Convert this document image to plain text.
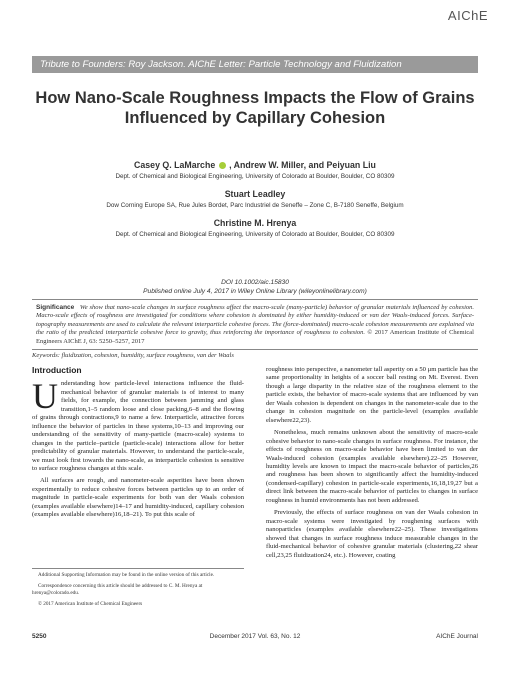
AIChE
Tribute to Founders: Roy Jackson. AIChE Letter: Particle Technology and Fluidization
How Nano-Scale Roughness Impacts the Flow of Grains Influenced by Capillary Cohesion
Casey Q. LaMarche , Andrew W. Miller, and Peiyuan Liu
Dept. of Chemical and Biological Engineering, University of Colorado at Boulder, Boulder, CO 80309
Stuart Leadley
Dow Corning Europe SA, Rue Jules Bordet, Parc Industriel de Seneffe – Zone C, B-7180 Seneffe, Belgium
Christine M. Hrenya
Dept. of Chemical and Biological Engineering, University of Colorado at Boulder, Boulder, CO 80309
DOI 10.1002/aic.15830
Published online July 4, 2017 in Wiley Online Library (wileyonlinelibrary.com)
Significance We show that nano-scale changes in surface roughness affect the macro-scale (many-particle) behavior of granular materials influenced by cohesion. Macro-scale effects of roughness are investigated for conditions where cohesion is dominated by either humidity-induced or van der Waals-induced forces. Surface-topography measurements are used to calculate the relevant interparticle cohesive forces. The (force-dominated) macro-scale cohesion measurements are explained via the ratio of the predicted interparticle cohesive force to gravity, thus reinforcing the importance of roughness to cohesion. © 2017 American Institute of Chemical Engineers AIChE J, 63: 5250–5257, 2017
Keywords: fluidization, cohesion, humidity, surface roughness, van der Waals
Introduction

U nderstanding how particle-level interactions influence the fluid-mechanical behavior of granular materials is of interest to many fields, for example, the connection between jamming and glass transition,1–5 random loose and close packing,6–8 and the flowing of grains through contractions,9 to name a few. Interparticle, attractive forces influence the behavior of particles in these systems,10–13 and improving our understanding of the sensitivity of many-particle (macro-scale) systems to changes in the particle–particle (particle-scale) interactions allow for better predictability of granular materials. However, to understand the particle-scale, we must look first towards the nano-scale, as interparticle cohesion is sensitive to surface roughness changes at this scale.

All surfaces are rough, and nanometer-scale asperities have been shown experimentally to reduce cohesive forces between particles up to an order of magnitude in particle-scale experiments for both van der Waals cohesion (examples available elsewhere)14–17 and humidity-induced, capillary cohesion (examples available elsewhere)16,18–21). To put this scale of

roughness into perspective, a nanometer tall asperity on a 50 μm particle has the same proportionality in heights of a soccer ball resting on Mt. Everest. Even though a large disparity in the relative size of the roughness element to the particle exists, the behavior of macro-scale systems that are influenced by van der Waals cohesion is dependent on changes in the nanometer-scale due to the change in cohesion magnitude on the particle-level (examples available elsewhere22,23).

Nonetheless, much remains unknown about the sensitivity of macro-scale cohesive behavior to nano-scale changes in surface roughness. For instance, the effects of roughness on macro-scale behavior have been limited to van der Waals-induced cohesion (examples available elsewhere).22–25 However, humidity levels are known to impact the macro-scale behavior of particles,26 and roughness has been shown to significantly affect the humidity-induced (condensed-capillary) cohesion in particle-scale experiments,16,18,19,27 but a direct link between the macro-scale behavior of particles to changes in surface roughness in humid environments has not been addressed.

Previously, the effects of surface roughness on van der Waals cohesion in macro-scale systems were investigated by roughening surfaces with nanoparticles (examples available elsewhere22–25). These investigations showed that changes in surface roughness induce measurable changes in the fluid-mechanical behavior of cohesive granular materials (clustering,22 shear cell,23,25 fluidization24, etc.). However, coating

Additional Supporting Information may be found in the online version of this article.

Correspondence concerning this article should be addressed to C. M. Hrenya at hrenya@colorado.edu.

© 2017 American Institute of Chemical Engineers

5250	December 2017 Vol. 63, No. 12	AIChE Journal
